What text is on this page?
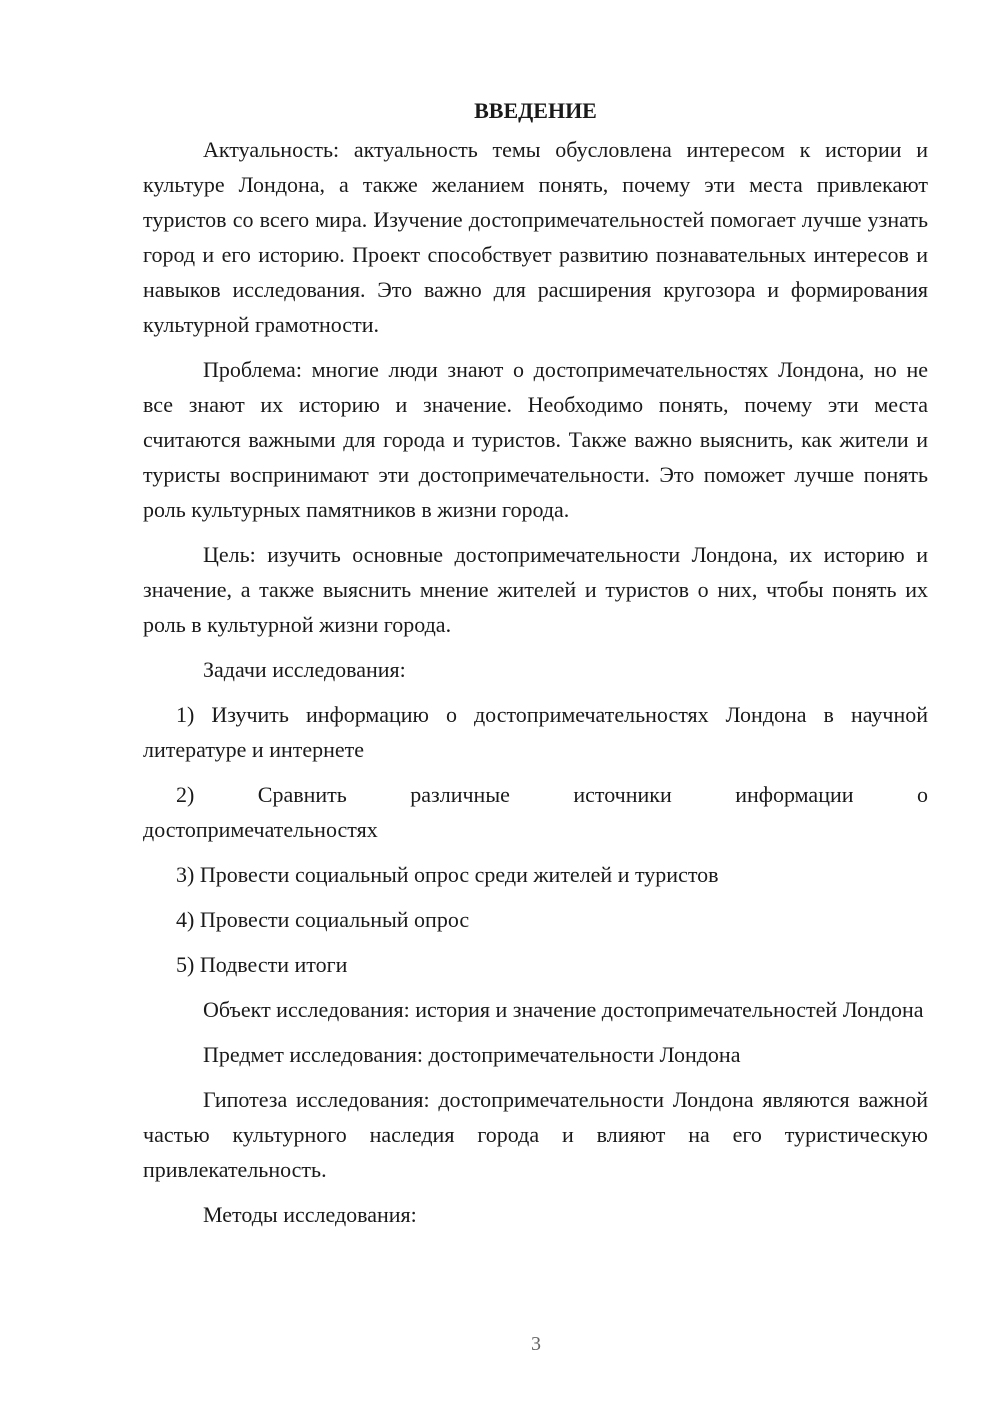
ВВЕДЕНИЕ

Актуальность: актуальность темы обусловлена интересом к истории и культуре Лондона, а также желанием понять, почему эти места привлекают туристов со всего мира. Изучение достопримечательностей помогает лучше узнать город и его историю. Проект способствует развитию познавательных интересов и навыков исследования. Это важно для расширения кругозора и формирования культурной грамотности.

Проблема: многие люди знают о достопримечательностях Лондона, но не все знают их историю и значение. Необходимо понять, почему эти места считаются важными для города и туристов. Также важно выяснить, как жители и туристы воспринимают эти достопримечательности. Это поможет лучше понять роль культурных памятников в жизни города.

Цель: изучить основные достопримечательности Лондона, их историю и значение, а также выяснить мнение жителей и туристов о них, чтобы понять их роль в культурной жизни города.

Задачи исследования:

1) Изучить информацию о достопримечательностях Лондона в научной литературе и интернете

2) Сравнить различные источники информации о
достопримечательностях

3) Провести социальный опрос среди жителей и туристов

4) Провести социальный опрос

5) Подвести итоги

Объект исследования: история и значение достопримечательностей Лондона

Предмет исследования: достопримечательности Лондона

Гипотеза исследования: достопримечательности Лондона являются важной частью культурного наследия города и влияют на его туристическую привлекательность.

Методы исследования:

3
